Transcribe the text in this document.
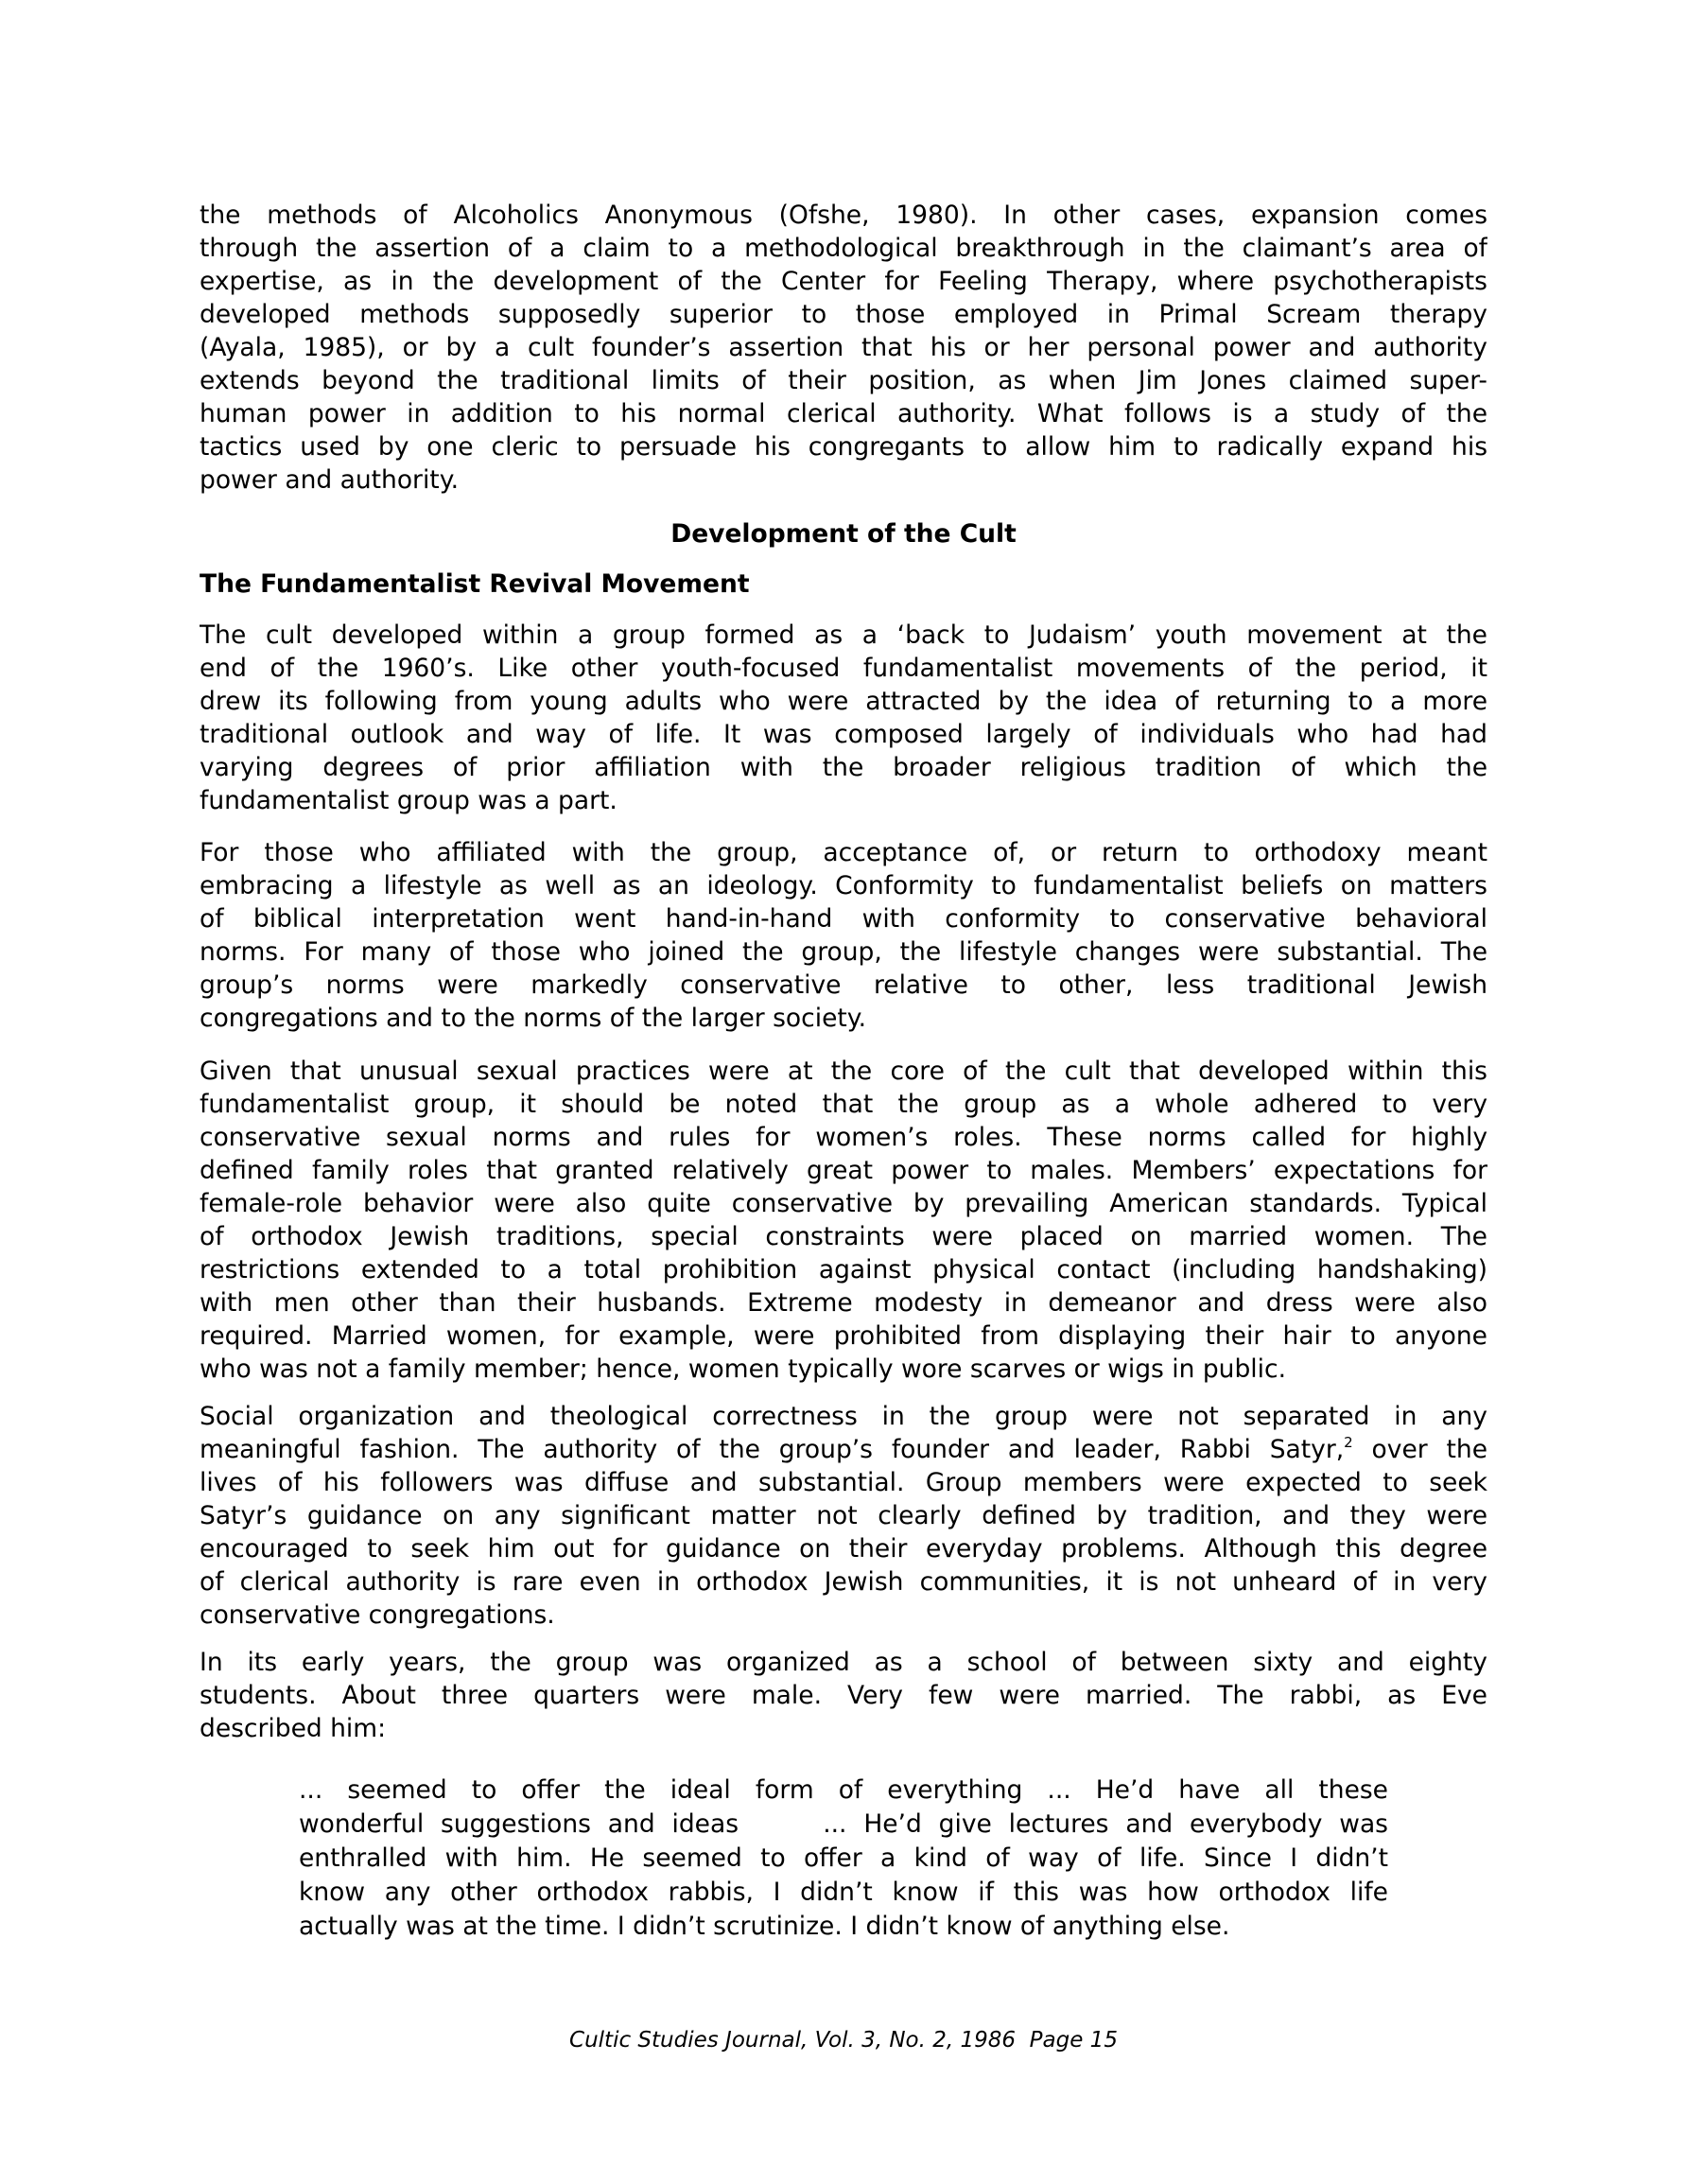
the methods of Alcoholics Anonymous (Ofshe, 1980). In other cases, expansion comes
through the assertion of a claim to a methodological breakthrough in the claimant’s area of
expertise, as in the development of the Center for Feeling Therapy, where psychotherapists
developed methods supposedly superior to those employed in Primal Scream therapy
(Ayala, 1985), or by a cult founder’s assertion that his or her personal power and authority
extends beyond the traditional limits of their position, as when Jim Jones claimed super-
human power in addition to his normal clerical authority. What follows is a study of the
tactics used by one cleric to persuade his congregants to allow him to radically expand his
power and authority.
Development of the Cult
The Fundamentalist Revival Movement
The cult developed within a group formed as a ‘back to Judaism’ youth movement at the
end of the 1960’s. Like other youth-focused fundamentalist movements of the period, it
drew its following from young adults who were attracted by the idea of returning to a more
traditional outlook and way of life. It was composed largely of individuals who had had
varying degrees of prior affiliation with the broader religious tradition of which the
fundamentalist group was a part.
For those who affiliated with the group, acceptance of, or return to orthodoxy meant
embracing a lifestyle as well as an ideology. Conformity to fundamentalist beliefs on matters
of biblical interpretation went hand-in-hand with conformity to conservative behavioral
norms. For many of those who joined the group, the lifestyle changes were substantial. The
group’s norms were markedly conservative relative to other, less traditional Jewish
congregations and to the norms of the larger society.
Given that unusual sexual practices were at the core of the cult that developed within this
fundamentalist group, it should be noted that the group as a whole adhered to very
conservative sexual norms and rules for women’s roles. These norms called for highly
defined family roles that granted relatively great power to males. Members’ expectations for
female-role behavior were also quite conservative by prevailing American standards. Typical
of orthodox Jewish traditions, special constraints were placed on married women. The
restrictions extended to a total prohibition against physical contact (including handshaking)
with men other than their husbands. Extreme modesty in demeanor and dress were also
required. Married women, for example, were prohibited from displaying their hair to anyone
who was not a family member; hence, women typically wore scarves or wigs in public.
Social organization and theological correctness in the group were not separated in any
meaningful fashion. The authority of the group’s founder and leader, Rabbi Satyr,$^2$ over the
lives of his followers was diffuse and substantial. Group members were expected to seek
Satyr’s guidance on any significant matter not clearly defined by tradition, and they were
encouraged to seek him out for guidance on their everyday problems. Although this degree
of clerical authority is rare even in orthodox Jewish communities, it is not unheard of in very
conservative congregations.
In its early years, the group was organized as a school of between sixty and eighty
students. About three quarters were male. Very few were married. The rabbi, as Eve
described him:
... seemed to offer the ideal form of everything ... He’d have all these
wonderful suggestions and ideas     ... He’d give lectures and everybody was
enthralled with him. He seemed to offer a kind of way of life. Since I didn’t
know any other orthodox rabbis, I didn’t know if this was how orthodox life
actually was at the time. I didn’t scrutinize. I didn’t know of anything else.
Cultic Studies Journal, Vol. 3, No. 2, 1986  Page 15
